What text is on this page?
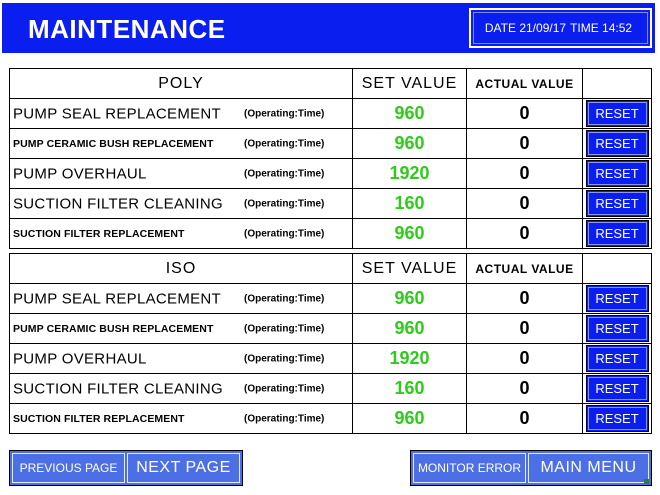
MAINTENANCE	DATE 21/09/17 TIME 14:52
POLY	SET VALUE	ACTUAL VALUE	

PUMP SEAL REPLACEMENT (Operating:Time)	960	0	RESET

PUMP CERAMIC BUSH REPLACEMENT (Operating:Time)	960	0	RESET

PUMP OVERHAUL (Operating:Time)	1920	0	RESET

SUCTION FILTER CLEANING (Operating:Time)	160	0	RESET

SUCTION FILTER REPLACEMENT (Operating:Time)	960	0	RESET
ISO	SET VALUE	ACTUAL VALUE	

PUMP SEAL REPLACEMENT (Operating:Time)	960	0	RESET

PUMP CERAMIC BUSH REPLACEMENT (Operating:Time)	960	0	RESET

PUMP OVERHAUL (Operating:Time)	1920	0	RESET

SUCTION FILTER CLEANING (Operating:Time)	160	0	RESET

SUCTION FILTER REPLACEMENT (Operating:Time)	960	0	RESET
PREVIOUS PAGE	NEXT PAGE	MONITOR ERROR	MAIN MENU
